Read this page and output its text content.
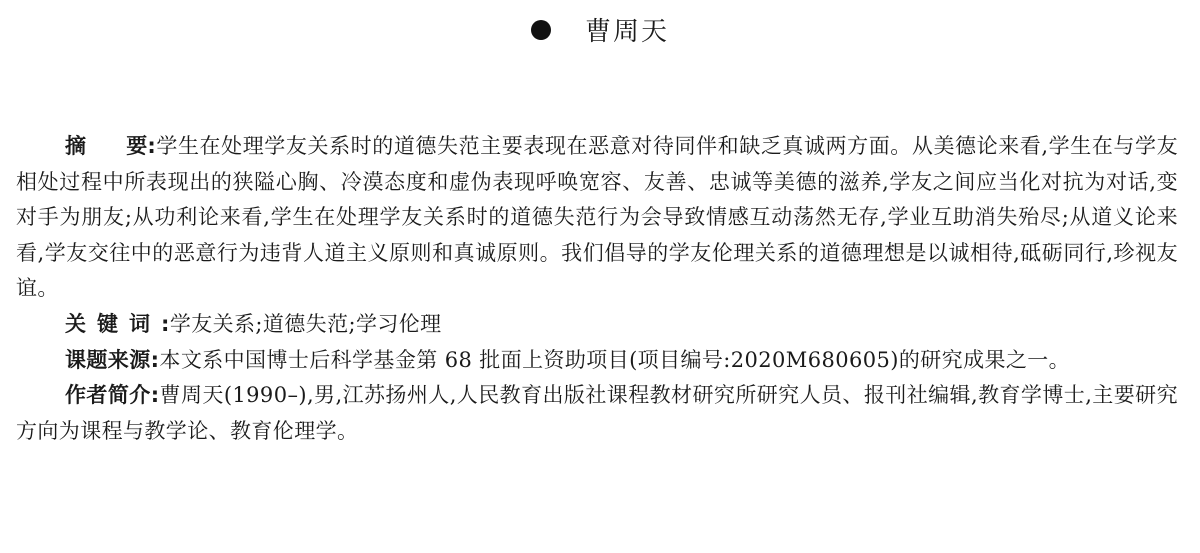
曹周天

摘要:学生在处理学友关系时的道德失范主要表现在恶意对待同伴和缺乏真诚两方面。从美德论来看,学生在与学友相处过程中所表现出的狭隘心胸、冷漠态度和虚伪表现呼唤宽容、友善、忠诚等美德的滋养,学友之间应当化对抗为对话,变对手为朋友;从功利论来看,学生在处理学友关系时的道德失范行为会导致情感互动荡然无存,学业互助消失殆尽;从道义论来看,学友交往中的恶意行为违背人道主义原则和真诚原则。我们倡导的学友伦理关系的道德理想是以诚相待,砥砺同行,珍视友谊。

关键词:学友关系;道德失范;学习伦理

课题来源:本文系中国博士后科学基金第 68 批面上资助项目(项目编号:2020M680605)的研究成果之一。

作者简介:曹周天(1990–),男,江苏扬州人,人民教育出版社课程教材研究所研究人员、报刊社编辑,教育学博士,主要研究方向为课程与教学论、教育伦理学。
